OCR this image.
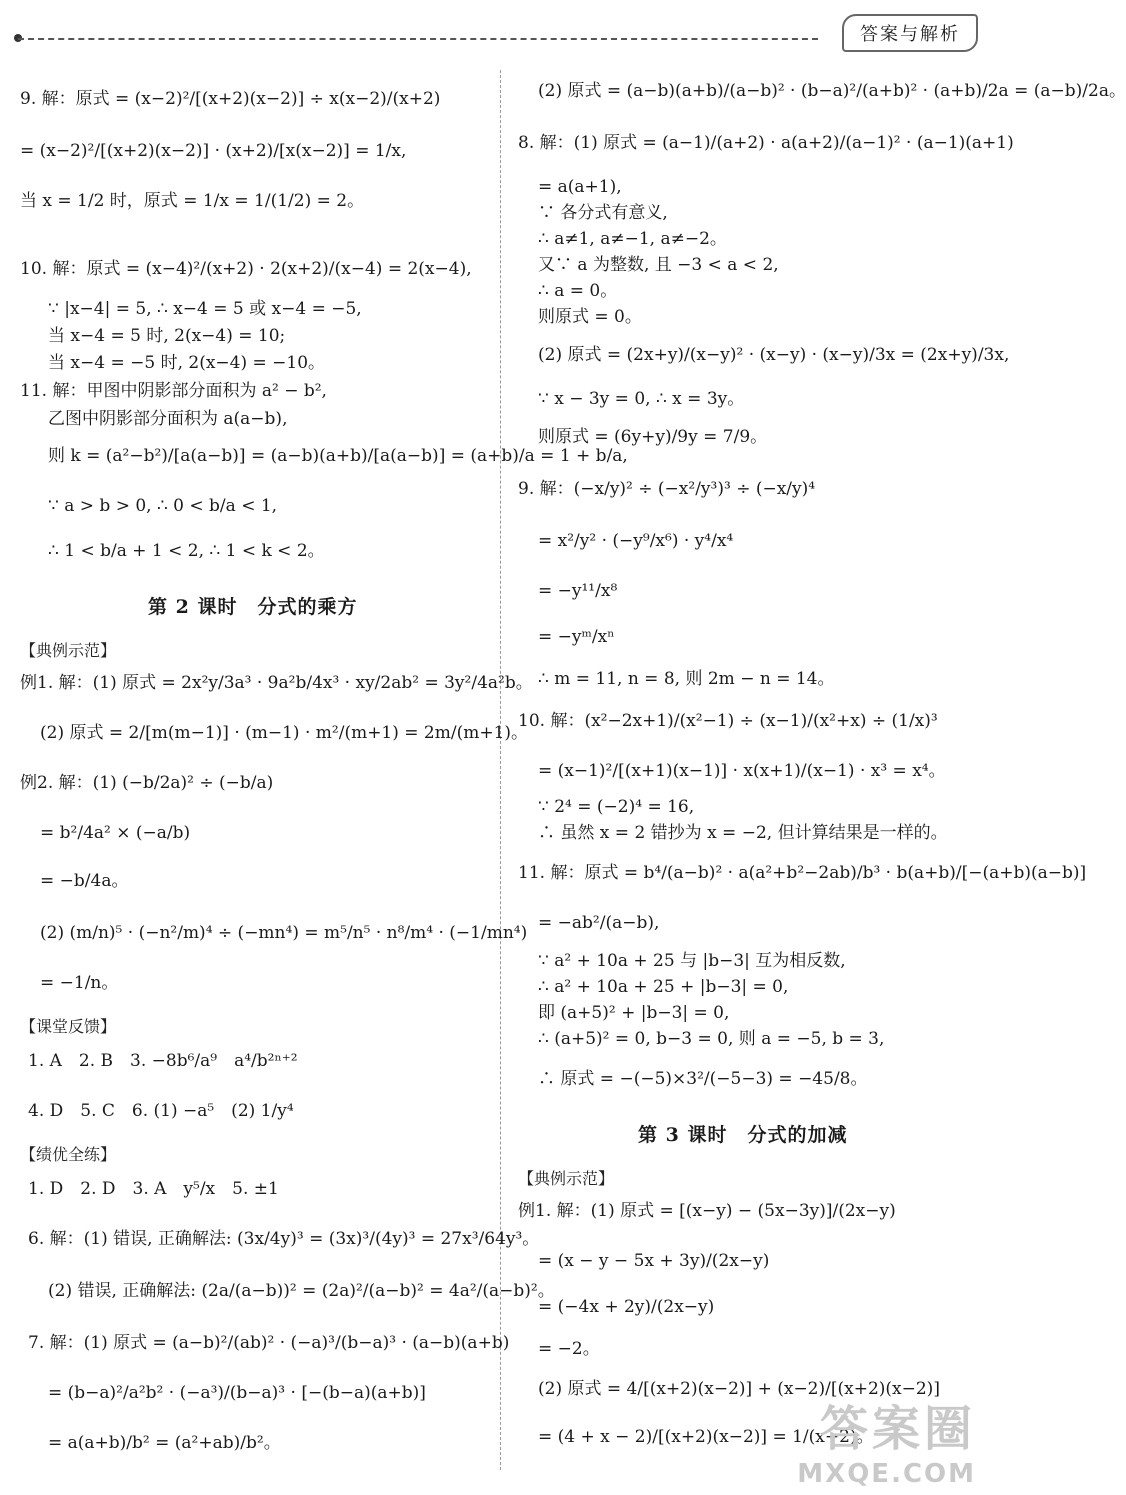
答案与解析
9. 解：原式 = (x−2)²/[(x+2)(x−2)] ÷ x(x−2)/(x+2)
= (x−2)²/[(x+2)(x−2)] · (x+2)/[x(x−2)] = 1/x,
当 x = 1/2 时，原式 = 1/x = 1/(1/2) = 2。
10. 解：原式 = (x−4)²/(x+2) · 2(x+2)/(x−4) = 2(x−4),
∵ |x−4| = 5, ∴ x−4 = 5 或 x−4 = −5,
当 x−4 = 5 时, 2(x−4) = 10;
当 x−4 = −5 时, 2(x−4) = −10。
11. 解：甲图中阴影部分面积为 a² − b²,
乙图中阴影部分面积为 a(a−b),
则 k = (a²−b²)/[a(a−b)] = (a−b)(a+b)/[a(a−b)] = (a+b)/a = 1 + b/a,
∵ a > b > 0, ∴ 0 < b/a < 1,
∴ 1 < b/a + 1 < 2, ∴ 1 < k < 2。
第 2 课时　分式的乘方
【典例示范】
例1. 解：(1) 原式 = 2x²y/3a³ · 9a²b/4x³ · xy/2ab² = 3y²/4a²b。
(2) 原式 = 2/[m(m−1)] · (m−1) · m²/(m+1) = 2m/(m+1)。
例2. 解：(1) (−b/2a)² ÷ (−b/a)
= b²/4a² × (−a/b)
= −b/4a。
(2) (m/n)⁵ · (−n²/m)⁴ ÷ (−mn⁴) = m⁵/n⁵ · n⁸/m⁴ · (−1/mn⁴)
= −1/n。
【课堂反馈】
1. A　2. B　3. −8b⁶/a⁹　a⁴/b²ⁿ⁺²
4. D　5. C　6. (1) −a⁵　(2) 1/y⁴
【绩优全练】
1. D　2. D　3. A　y⁵/x　5. ±1
6. 解：(1) 错误, 正确解法: (3x/4y)³ = (3x)³/(4y)³ = 27x³/64y³。
(2) 错误, 正确解法: (2a/(a−b))² = (2a)²/(a−b)² = 4a²/(a−b)²。
7. 解：(1) 原式 = (a−b)²/(ab)² · (−a)³/(b−a)³ · (a−b)(a+b)
= (b−a)²/a²b² · (−a³)/(b−a)³ · [−(b−a)(a+b)]
= a(a+b)/b² = (a²+ab)/b²。
(2) 原式 = (a−b)(a+b)/(a−b)² · (b−a)²/(a+b)² · (a+b)/2a = (a−b)/2a。
8. 解：(1) 原式 = (a−1)/(a+2) · a(a+2)/(a−1)² · (a−1)(a+1)
= a(a+1),
∵ 各分式有意义,
∴ a≠1, a≠−1, a≠−2。
又∵ a 为整数, 且 −3 < a < 2,
∴ a = 0。
则原式 = 0。
(2) 原式 = (2x+y)/(x−y)² · (x−y) · (x−y)/3x = (2x+y)/3x,
∵ x − 3y = 0, ∴ x = 3y。
则原式 = (6y+y)/9y = 7/9。
9. 解：(−x/y)² ÷ (−x²/y³)³ ÷ (−x/y)⁴
= x²/y² · (−y⁹/x⁶) · y⁴/x⁴
= −y¹¹/x⁸
= −yᵐ/xⁿ
∴ m = 11, n = 8, 则 2m − n = 14。
10. 解：(x²−2x+1)/(x²−1) ÷ (x−1)/(x²+x) ÷ (1/x)³
= (x−1)²/[(x+1)(x−1)] · x(x+1)/(x−1) · x³ = x⁴。
∵ 2⁴ = (−2)⁴ = 16,
∴ 虽然 x = 2 错抄为 x = −2, 但计算结果是一样的。
11. 解：原式 = b⁴/(a−b)² · a(a²+b²−2ab)/b³ · b(a+b)/[−(a+b)(a−b)]
= −ab²/(a−b),
∵ a² + 10a + 25 与 |b−3| 互为相反数,
∴ a² + 10a + 25 + |b−3| = 0,
即 (a+5)² + |b−3| = 0,
∴ (a+5)² = 0, b−3 = 0, 则 a = −5, b = 3,
∴ 原式 = −(−5)×3²/(−5−3) = −45/8。
第 3 课时　分式的加减
【典例示范】
例1. 解：(1) 原式 = [(x−y) − (5x−3y)]/(2x−y)
= (x − y − 5x + 3y)/(2x−y)
= (−4x + 2y)/(2x−y)
= −2。
(2) 原式 = 4/[(x+2)(x−2)] + (x−2)/[(x+2)(x−2)]
= (4 + x − 2)/[(x+2)(x−2)] = 1/(x−2)。
答案圈
MXQE.COM
